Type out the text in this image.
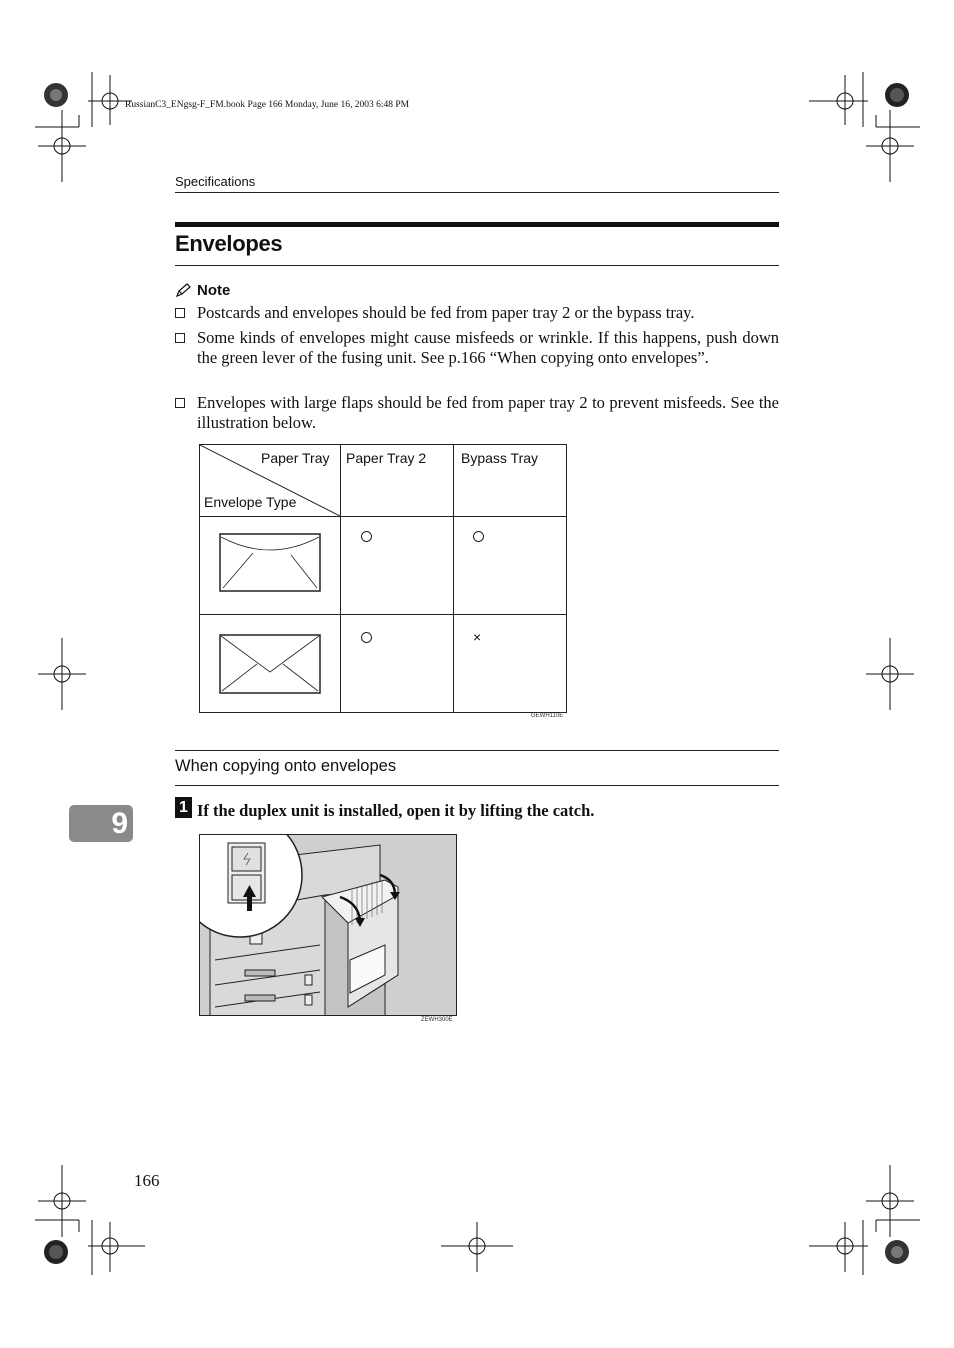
RussianC3_ENgsg-F_FM.book Page 166 Monday, June 16, 2003 6:48 PM
Specifications
Envelopes
Note
Postcards and envelopes should be fed from paper tray 2 or the bypass tray.
Some kinds of envelopes might cause misfeeds or wrinkle. If this happens, push down the green lever of the fusing unit. See p.166 “When copying onto envelopes”.
Envelopes with large flaps should be fed from paper tray 2 to prevent misfeeds. See the illustration below.
Paper Tray
Envelope Type
Paper Tray 2 Bypass Tray
×
GEWH110E
When copying onto envelopes
9	1 If the duplex unit is installed, open it by lifting the catch.
ZEWH300E
166
